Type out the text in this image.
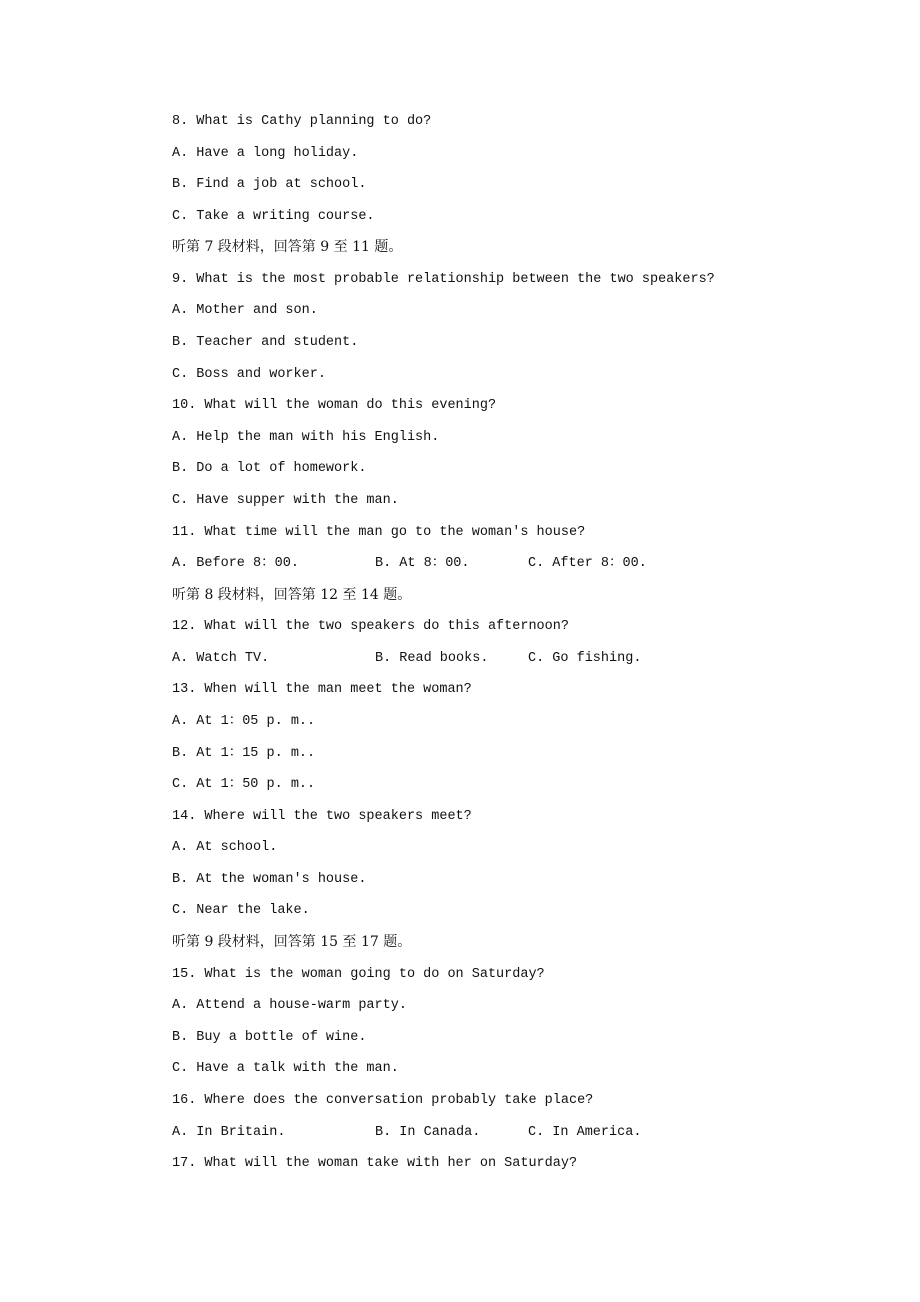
8. What is Cathy planning to do?
A. Have a long holiday.
B. Find a job at school.
C. Take a writing course.
听第 7 段材料，回答第 9 至 11 题。
9. What is the most probable relationship between the two speakers?
A. Mother and son.
B. Teacher and student.
C. Boss and worker.
10. What will the woman do this evening?
A. Help the man with his English.
B. Do a lot of homework.
C. Have supper with the man.
11. What time will the man go to the woman's house?
A. Before 8：00.	B. At 8：00.	C. After 8：00.
听第 8 段材料，回答第 12 至 14 题。
12. What will the two speakers do this afternoon?
A. Watch TV.	B. Read books.	C. Go fishing.
13. When will the man meet the woman?
A. At 1：05 p. m..
B. At 1：15 p. m..
C. At 1：50 p. m..
14. Where will the two speakers meet?
A. At school.
B. At the woman's house.
C. Near the lake.
听第 9 段材料，回答第 15 至 17 题。
15. What is the woman going to do on Saturday?
A. Attend a house-warm party.
B. Buy a bottle of wine.
C. Have a talk with the man.
16. Where does the conversation probably take place?
A. In Britain.	B. In Canada.	C. In America.
17. What will the woman take with her on Saturday?
